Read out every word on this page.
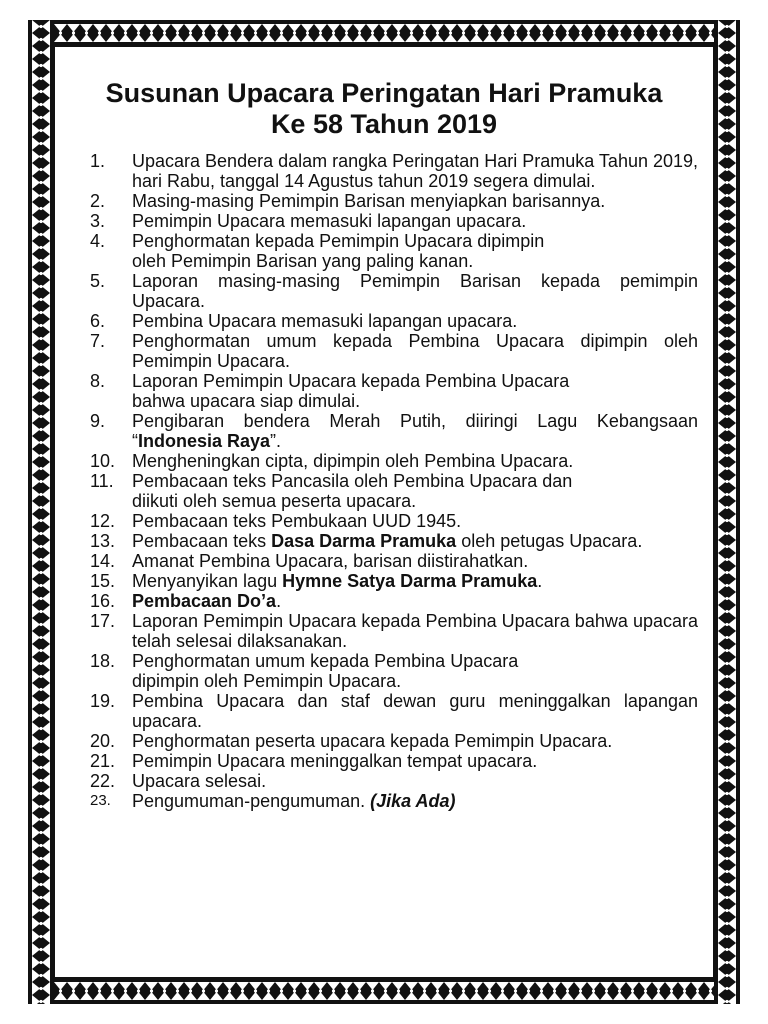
Susunan Upacara Peringatan Hari Pramuka
Ke 58 Tahun 2019
1.	Upacara Bendera dalam rangka Peringatan Hari Pramuka Tahun 2019, hari Rabu, tanggal 14 Agustus tahun 2019 segera dimulai.
2.	Masing-masing Pemimpin Barisan menyiapkan barisannya.
3.	Pemimpin Upacara memasuki lapangan upacara.
4.	Penghormatan kepada Pemimpin Upacara dipimpin
oleh Pemimpin Barisan yang paling kanan.
5.	Laporan masing-masing Pemimpin Barisan kepada pemimpin Upacara.
6.	Pembina Upacara memasuki lapangan upacara.
7.	Penghormatan umum kepada Pembina Upacara dipimpin oleh Pemimpin Upacara.
8.	Laporan Pemimpin Upacara kepada Pembina Upacara
bahwa upacara siap dimulai.
9.	Pengibaran bendera Merah Putih, diiringi Lagu Kebangsaan “Indonesia Raya”.
10. Mengheningkan cipta, dipimpin oleh Pembina Upacara.
11.	Pembacaan teks Pancasila oleh Pembina Upacara dan
diikuti oleh semua peserta upacara.
12. Pembacaan teks Pembukaan UUD 1945.
13. Pembacaan teks Dasa Darma Pramuka oleh petugas Upacara.
14. Amanat Pembina Upacara, barisan diistirahatkan.
15. Menyanyikan lagu Hymne Satya Darma Pramuka.
16. Pembacaan Do’a.
17. Laporan Pemimpin Upacara kepada Pembina Upacara bahwa upacara telah selesai dilaksanakan.
18. Penghormatan umum kepada Pembina Upacara
dipimpin oleh Pemimpin Upacara.
19. Pembina Upacara dan staf dewan guru meninggalkan lapangan upacara.
20. Penghormatan peserta upacara kepada Pemimpin Upacara.
21. Pemimpin Upacara meninggalkan tempat upacara.
22. Upacara selesai.
23.	Pengumuman-pengumuman. (Jika Ada)
